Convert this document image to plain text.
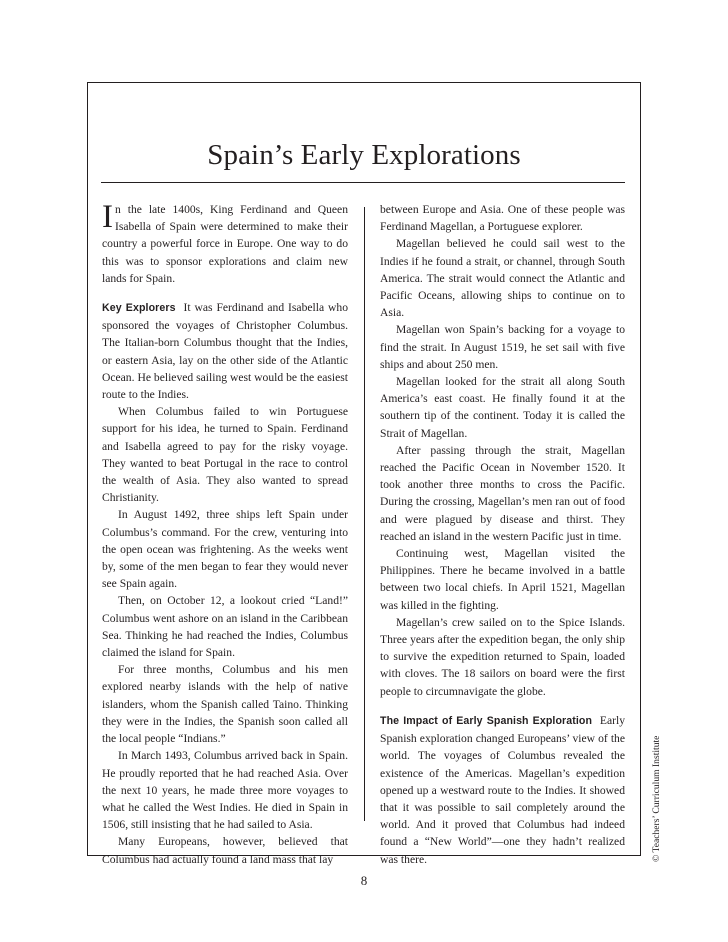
Spain’s Early Explorations

In the late 1400s, King Ferdinand and Queen Isabella of Spain were determined to make their country a powerful force in Europe. One way to do this was to sponsor explorations and claim new lands for Spain.

Key Explorers It was Ferdinand and Isabella who sponsored the voyages of Christopher Columbus. The Italian-born Columbus thought that the Indies, or eastern Asia, lay on the other side of the Atlantic Ocean. He believed sailing west would be the easiest route to the Indies.

When Columbus failed to win Portuguese support for his idea, he turned to Spain. Ferdinand and Isabella agreed to pay for the risky voyage. They wanted to beat Portugal in the race to control the wealth of Asia. They also wanted to spread Christianity.

In August 1492, three ships left Spain under Columbus’s command. For the crew, venturing into the open ocean was frightening. As the weeks went by, some of the men began to fear they would never see Spain again.

Then, on October 12, a lookout cried “Land!” Columbus went ashore on an island in the Caribbean Sea. Thinking he had reached the Indies, Columbus claimed the island for Spain.

For three months, Columbus and his men explored nearby islands with the help of native islanders, whom the Spanish called Taino. Thinking they were in the Indies, the Spanish soon called all the local people “Indians.”

In March 1493, Columbus arrived back in Spain. He proudly reported that he had reached Asia. Over the next 10 years, he made three more voyages to what he called the West Indies. He died in Spain in 1506, still insisting that he had sailed to Asia.

Many Europeans, however, believed that Columbus had actually found a land mass that lay

between Europe and Asia. One of these people was Ferdinand Magellan, a Portuguese explorer.

Magellan believed he could sail west to the Indies if he found a strait, or channel, through South America. The strait would connect the Atlantic and Pacific Oceans, allowing ships to continue on to Asia.

Magellan won Spain’s backing for a voyage to find the strait. In August 1519, he set sail with five ships and about 250 men.

Magellan looked for the strait all along South America’s east coast. He finally found it at the southern tip of the continent. Today it is called the Strait of Magellan.

After passing through the strait, Magellan reached the Pacific Ocean in November 1520. It took another three months to cross the Pacific. During the crossing, Magellan’s men ran out of food and were plagued by disease and thirst. They reached an island in the western Pacific just in time.

Continuing west, Magellan visited the Philippines. There he became involved in a battle between two local chiefs. In April 1521, Magellan was killed in the fighting.

Magellan’s crew sailed on to the Spice Islands. Three years after the expedition began, the only ship to survive the expedition returned to Spain, loaded with cloves. The 18 sailors on board were the first people to circumnavigate the globe.

The Impact of Early Spanish Exploration Early Spanish exploration changed Europeans’ view of the world. The voyages of Columbus revealed the existence of the Americas. Magellan’s expedition opened up a westward route to the Indies. It showed that it was possible to sail completely around the world. And it proved that Columbus had indeed found a “New World”—one they hadn’t realized was there.	© Teachers’ Curriculum Institute
8
